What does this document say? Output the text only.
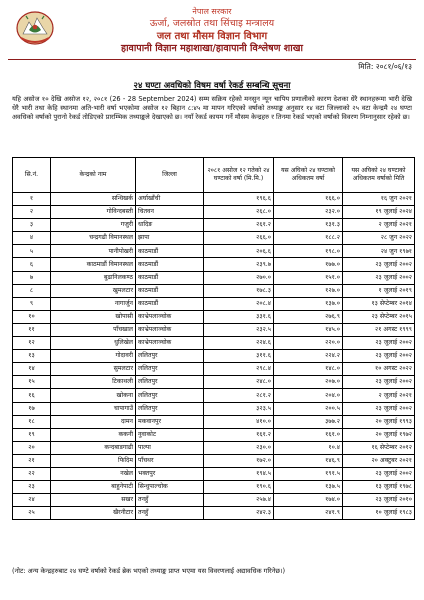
नेपाल सरकार
ऊर्जा, जलस्रोत तथा सिंचाइ मन्त्रालय
जल तथा मौसम विज्ञान विभाग
हावापानी विज्ञान महाशाखा/हावापानी विश्लेषण शाखा
मिति: २०८१/०६/१३
२४ घण्टा अवधिको विषम वर्षा रेकर्ड सम्बन्धि सूचना
यहि असोज १० देखि असोज १२, २०८१ (26 - 28 September 2024) सम्म सक्रिय रहेको मनसुन न्यून चापिय प्रणालीको कारण देशका धेरै स्थानहरूमा भारी देखि धेरै भारी तथा केहि स्थानमा अति-भारी वर्षा भएकोमा असोज १२ बिहान ८:४५ मा मापन गरिएको वर्षाको तथ्याङ्क अनुसार १४ वटा जिल्लाको २५ वटा केन्द्रमै २४ घण्टा अवधिको वर्षाको पुरानो रेकर्ड तोडिएको प्रारम्भिक तथ्याङ्कले देखाएको छ। नयाँ रेकर्ड कायम गर्ने मौसम केन्द्रहरु र तिनमा रेकर्ड भएको वर्षाको विवरण निम्नानुसार रहेको छ।
सि.नं.	केन्द्रको नाम	जिल्ला	२०८१ असोज १२ गतेको २४ घण्टाको वर्षा (मि.मि.)	यस अघिको २४ घण्टाको अधिकतम वर्षा	यस अघिको २४ घण्टाको अधिकतम वर्षाको मिति
१	सन्धिखर्क	अर्घाखाँची	१९६.६	१६६.०	१६ जुन २०२१
२	गोविन्दबस्ती	चितवन	२६८.०	२३२.०	१९ जुलाई २०२४
३	गजुरी	धादिङ	२६१.२	१३१.३	२ जुलाई २०२१
४	चन्द्रगढी विमानस्थल	झापा	२६६.०	१८८.२	२८ जुन २०२२
५	पानीपोखरी	काठमाडौं	२०६.६	१९८.०	२४ जुन १९७१
६	काठमाडौं विमानस्थल	काठमाडौं	२३९.७	१७७.०	२३ जुलाई २००२
७	बुढानिलकण्ठ	काठमाडौं	२७०.०	१५१.०	२३ जुलाई २००२
८	खुमलटार	काठमाडौं	१७८.३	१२७.०	१ जुलाई २०१९
९	नागार्जुन	काठमाडौं	२०८.४	१३७.०	१३ सेप्टेम्बर २०१४
१०	खोपासी	काभ्रेपलाञ्चोक	३३१.६	२७६.९	२३ सेप्टेम्बर २०१५
११	पाँचखाल	काभ्रेपलाञ्चोक	२३२.५	१४५.०	२१ अगस्ट १९९९
१२	धुलिखेल	काभ्रेपलाञ्चोक	२२४.६	२२०.०	२३ जुलाई २००२
१३	गोदावरी	ललितपुर	३११.६	२२४.२	२३ जुलाई २००२
१४	सुमलटार	ललितपुर	२९८.४	१४८.०	१० अगस्ट २०२२
१५	टिकाथली	ललितपुर	२४८.०	२०७.०	२३ जुलाई २००२
१६	खोकना	ललितपुर	२८१.२	२०४.०	२ जुलाई २०२१
१७	चापागाउँ	ललितपुर	३२३.५	२००.५	२३ जुलाई २००२
१८	दामन	मकवानपुर	४१०.०	३७७.२	२० जुलाई १९९३
१९	ककनी	नुवाकोट	१६१.२	१६१.०	२० जुलाई १९७२
२०	कन्दबाडगाढी	पाल्पा	२३०.०	१०.४	१६ सेप्टेम्बर २०१२
२१	फिदिम	पाँचथर	१७२.०	१४६.९	२० अक्टुबर २०२१
२२	नखेल	भक्तपुर	१९४.५	१९१.५	२३ जुलाई २००२
२३	बाहुनेपाटी	सिन्धुपाल्चोक	१९०.६	१३७.५	१३ जुलाई १९७८
२४	सखर	तनहुँ	२५७.४	१७४.०	२३ जुलाई २०१०
२५	खैरनीटार	तनहुँ	२४२.३	२४१.९	१० जुलाई १९८३
(नोट: अन्य केन्द्रहरुबाट २४ घण्टे वर्षाको रेकर्ड ब्रेक भएको तथ्याङ्क प्राप्त भएमा यस विवरणलाई अद्यावधिक गरिनेछ।)
